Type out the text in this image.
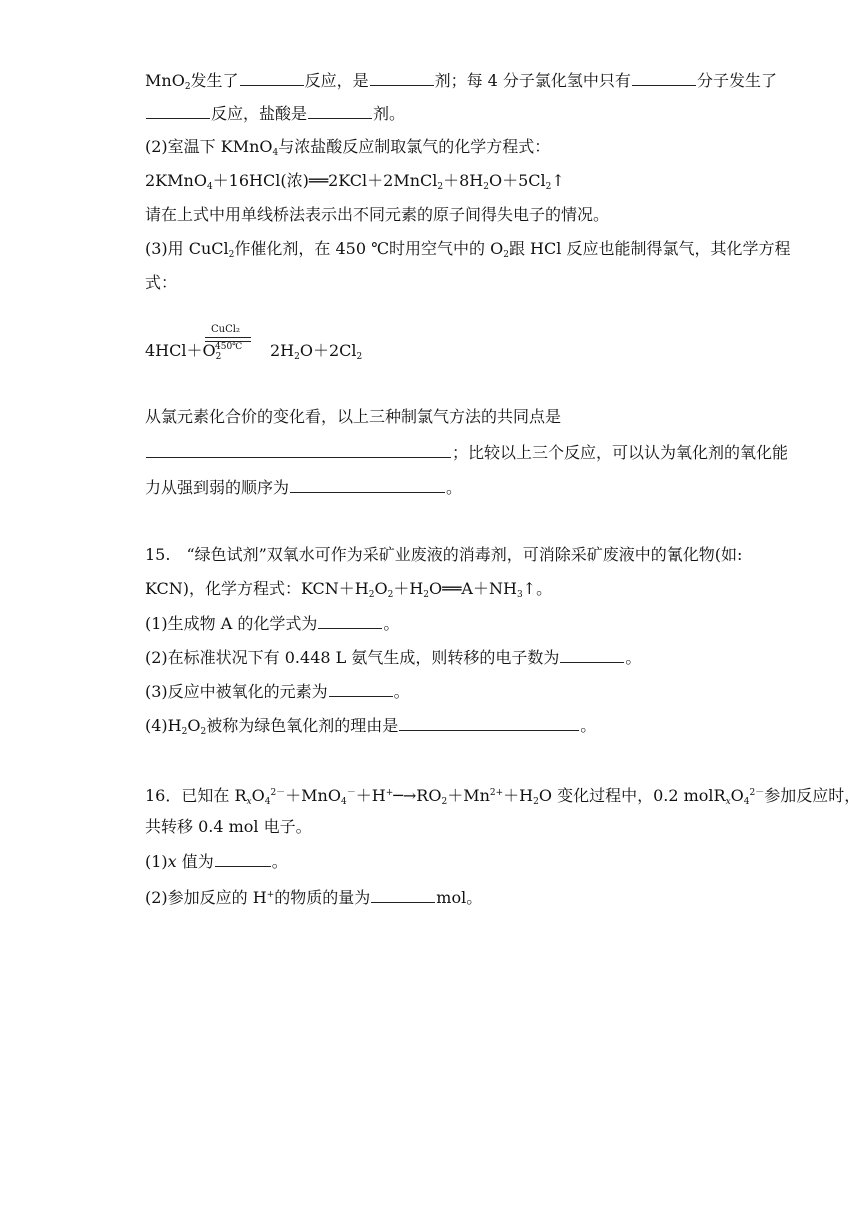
MnO$_2$发生了	反应，是	剂；每 4 分子氯化氢中只有	分子发生了
反应，盐酸是	剂。
(2)室温下 KMnO$_4$与浓盐酸反应制取氯气的化学方程式：
2KMnO$_4$＋16HCl(浓)$══2KCl+2MnCl_2+8H_2O+5Cl_2↑$
请在上式中用单线桥法表示出不同元素的原子间得失电子的情况。
(3)用 CuCl$_2$作催化剂，在 450 ℃时用空气中的 $O_2$跟 HCl 反应也能制得氯气，其化学方程
式：
$4HCl+O_2$
CuCl₂
450℃ $2H_2O+2Cl_2$
从氯元素化合价的变化看，以上三种制氯气方法的共同点是
；比较以上三个反应，可以认为氧化剂的氧化能
力从强到弱的顺序为	。
15.　“绿色试剂”双氧水可作为采矿业废液的消毒剂，可消除采矿废液中的氰化物(如:
KCN)，化学方程式：$KCN+H_2O_2+H_2O══A+NH_3↑$。
(1)生成物 A 的化学式为	。
(2)在标准状况下有 0.448 L 氨气生成，则转移的电子数为	。
(3)反应中被氧化的元素为	。
$(4)H_2O_2$被称为绿色氧化剂的理由是	。
16．已知在 $R_xO_4^{2-}+MnO_4^-+H^+─\to RO_2+Mn^{2+}+H_2O$ 变化过程中，0.2 $molR_xO_4^{2-}$参加反应时，
共转移 0.4 mol 电子。
(1)x 值为	。
(2)参加反应的 H+的物质的量为	mol。
